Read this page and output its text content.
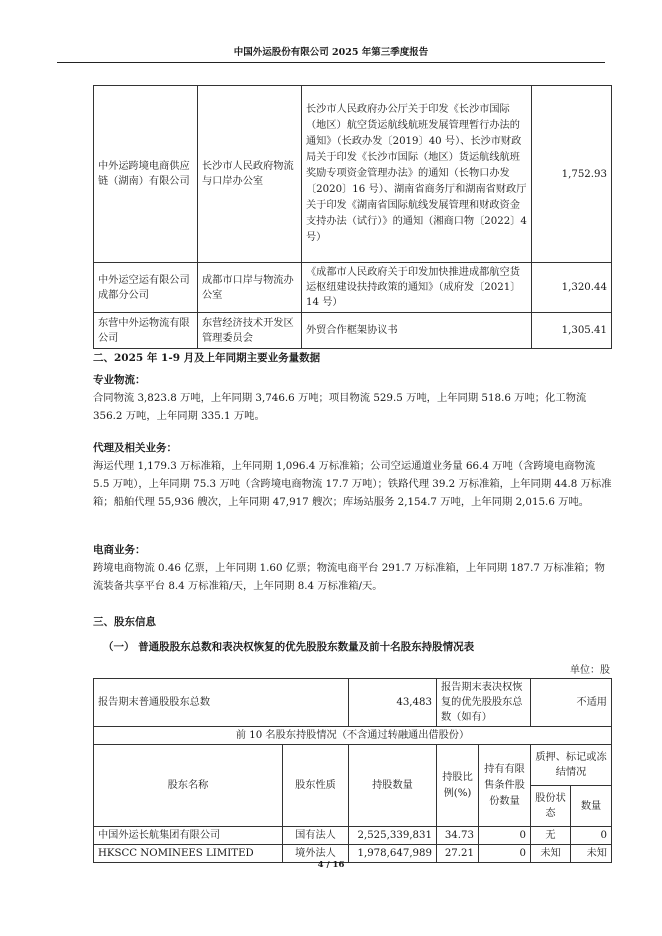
中国外运股份有限公司 2025 年第三季度报告
中外运跨境电商供应链（湖南）有限公司	长沙市人民政府物流与口岸办公室	长沙市人民政府办公厅关于印发《长沙市国际（地区）航空货运航线航班发展管理暂行办法的通知》（长政办发〔2019〕40 号）、长沙市财政局关于印发《长沙市国际（地区）货运航线航班奖励专项资金管理办法》的通知（长物口办发〔2020〕16 号）、湖南省商务厅和湖南省财政厅关于印发《湖南省国际航线发展管理和财政资金支持办法（试行）》的通知（湘商口物〔2022〕4 号）	1,752.93
中外运空运有限公司成都分公司	成都市口岸与物流办公室	《成都市人民政府关于印发加快推进成都航空货运枢纽建设扶持政策的通知》（成府发〔2021〕14 号）	1,320.44
东营中外运物流有限公司	东营经济技术开发区管理委员会	外贸合作框架协议书	1,305.41
二、2025 年 1-9 月及上年同期主要业务量数据
专业物流：
合同物流 3,823.8 万吨，上年同期 3,746.6 万吨；项目物流 529.5 万吨，上年同期 518.6 万吨；化工物流 356.2 万吨，上年同期 335.1 万吨。
代理及相关业务：
海运代理 1,179.3 万标准箱，上年同期 1,096.4 万标准箱；公司空运通道业务量 66.4 万吨（含跨境电商物流 5.5 万吨），上年同期 75.3 万吨（含跨境电商物流 17.7 万吨）；铁路代理 39.2 万标准箱，上年同期 44.8 万标准箱；船舶代理 55,936 艘次，上年同期 47,917 艘次；库场站服务 2,154.7 万吨，上年同期 2,015.6 万吨。
电商业务：
跨境电商物流 0.46 亿票，上年同期 1.60 亿票；物流电商平台 291.7 万标准箱，上年同期 187.7 万标准箱；物流装备共享平台 8.4 万标准箱/天，上年同期 8.4 万标准箱/天。
三、股东信息
（一） 普通股股东总数和表决权恢复的优先股股东数量及前十名股东持股情况表
单位：股
报告期末普通股股东总数		43,483	报告期末表决权恢复的优先股股东总数（如有）		不适用	
前 10 名股东持股情况（不含通过转融通出借股份）						
股东名称	股东性质	持股数量	持股比例(%)	持有有限售条件股份数量	质押、标记或冻结情况	
					股份状态	数量
中国外运长航集团有限公司	国有法人	2,525,339,831	34.73	0	无	0
HKSCC NOMINEES LIMITED	境外法人	1,978,647,989	27.21	0	未知	未知
4 / 16
